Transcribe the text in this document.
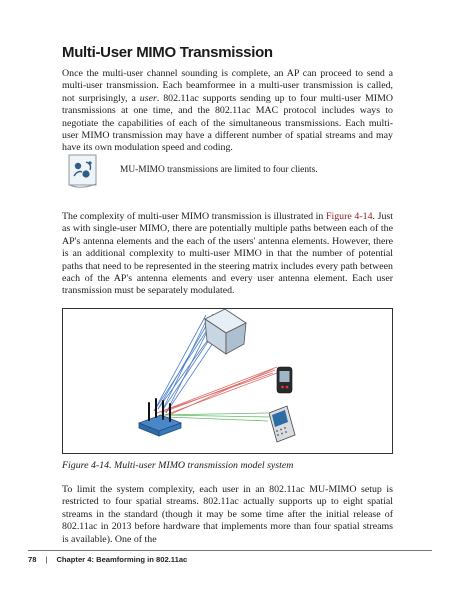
Multi-User MIMO Transmission

Once the multi-user channel sounding is complete, an AP can proceed to send a multi-user transmission. Each beamformee in a multi-user transmission is called, not surprisingly, a user. 802.11ac supports sending up to four multi-user MIMO transmissions at one time, and the 802.11ac MAC protocol includes ways to negotiate the capabilities of each of the simultaneous transmissions. Each multi-user MIMO transmission may have a different number of spatial streams and may have its own modulation speed and coding.

MU-MIMO transmissions are limited to four clients.

The complexity of multi-user MIMO transmission is illustrated in Figure 4-14. Just as with single-user MIMO, there are potentially multiple paths between each of the AP's antenna elements and the each of the users' antenna elements. However, there is an additional complexity to multi-user MIMO in that the number of potential paths that need to be represented in the steering matrix includes every path between each of the AP's antenna elements and every user antenna element. Each user transmission must be separately modulated.

Figure 4-14. Multi-user MIMO transmission model system

To limit the system complexity, each user in an 802.11ac MU-MIMO setup is restricted to four spatial streams. 802.11ac actually supports up to eight spatial streams in the standard (though it may be some time after the initial release of 802.11ac in 2013 before hardware that implements more than four spatial streams is available). One of the

78 | Chapter 4: Beamforming in 802.11ac
